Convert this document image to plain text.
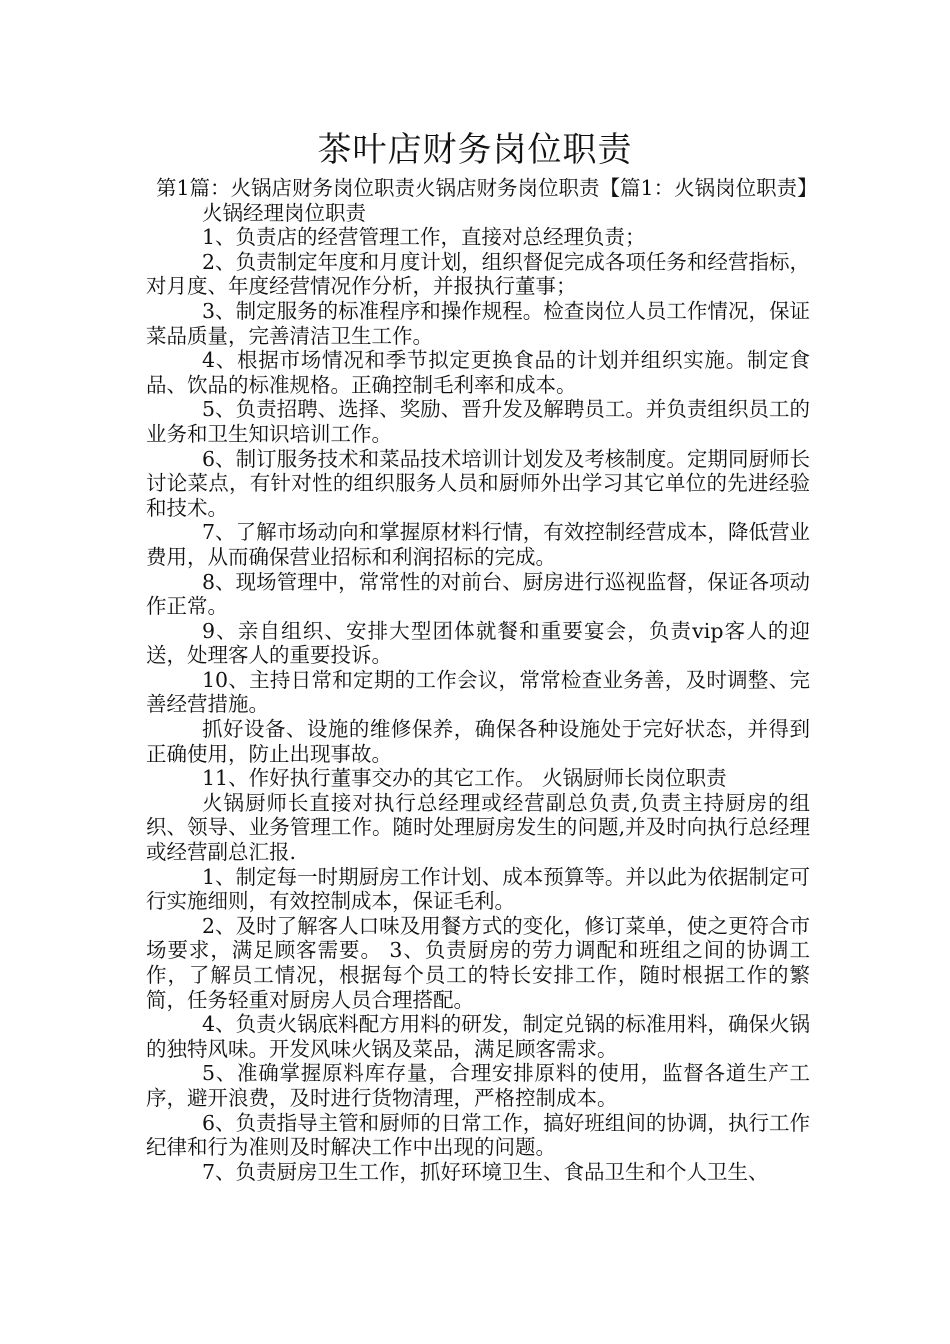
茶叶店财务岗位职责

第1篇：火锅店财务岗位职责火锅店财务岗位职责【篇1：火锅岗位职责】

火锅经理岗位职责

1、负责店的经营管理工作，直接对总经理负责；

2、负责制定年度和月度计划，组织督促完成各项任务和经营指标，对月度、年度经营情况作分析，并报执行董事；

3、制定服务的标准程序和操作规程。检查岗位人员工作情况，保证菜品质量，完善清洁卫生工作。

4、根据市场情况和季节拟定更换食品的计划并组织实施。制定食品、饮品的标准规格。正确控制毛利率和成本。

5、负责招聘、选择、奖励、晋升发及解聘员工。并负责组织员工的业务和卫生知识培训工作。

6、制订服务技术和菜品技术培训计划发及考核制度。定期同厨师长讨论菜点，有针对性的组织服务人员和厨师外出学习其它单位的先进经验和技术。

7、了解市场动向和掌握原材料行情，有效控制经营成本，降低营业费用，从而确保营业招标和利润招标的完成。

8、现场管理中，常常性的对前台、厨房进行巡视监督，保证各项动作正常。

9、亲自组织、安排大型团体就餐和重要宴会，负责vip客人的迎送，处理客人的重要投诉。

10、主持日常和定期的工作会议，常常检查业务善，及时调整、完善经营措施。

抓好设备、设施的维修保养，确保各种设施处于完好状态，并得到正确使用，防止出现事故。

11、作好执行董事交办的其它工作。 火锅厨师长岗位职责

火锅厨师长直接对执行总经理或经营副总负责,负责主持厨房的组织、领导、业务管理工作。随时处理厨房发生的问题,并及时向执行总经理或经营副总汇报.

1、制定每一时期厨房工作计划、成本预算等。并以此为依据制定可行实施细则，有效控制成本，保证毛利。

2、及时了解客人口味及用餐方式的变化，修订菜单，使之更符合市场要求，满足顾客需要。 3、负责厨房的劳力调配和班组之间的协调工作，了解员工情况，根据每个员工的特长安排工作，随时根据工作的繁简，任务轻重对厨房人员合理搭配。

4、负责火锅底料配方用料的研发，制定兑锅的标准用料，确保火锅的独特风味。开发风味火锅及菜品，满足顾客需求。

5、准确掌握原料库存量，合理安排原料的使用，监督各道生产工序，避开浪费，及时进行货物清理，严格控制成本。

6、负责指导主管和厨师的日常工作，搞好班组间的协调，执行工作纪律和行为准则及时解决工作中出现的问题。

7、负责厨房卫生工作，抓好环境卫生、食品卫生和个人卫生、
